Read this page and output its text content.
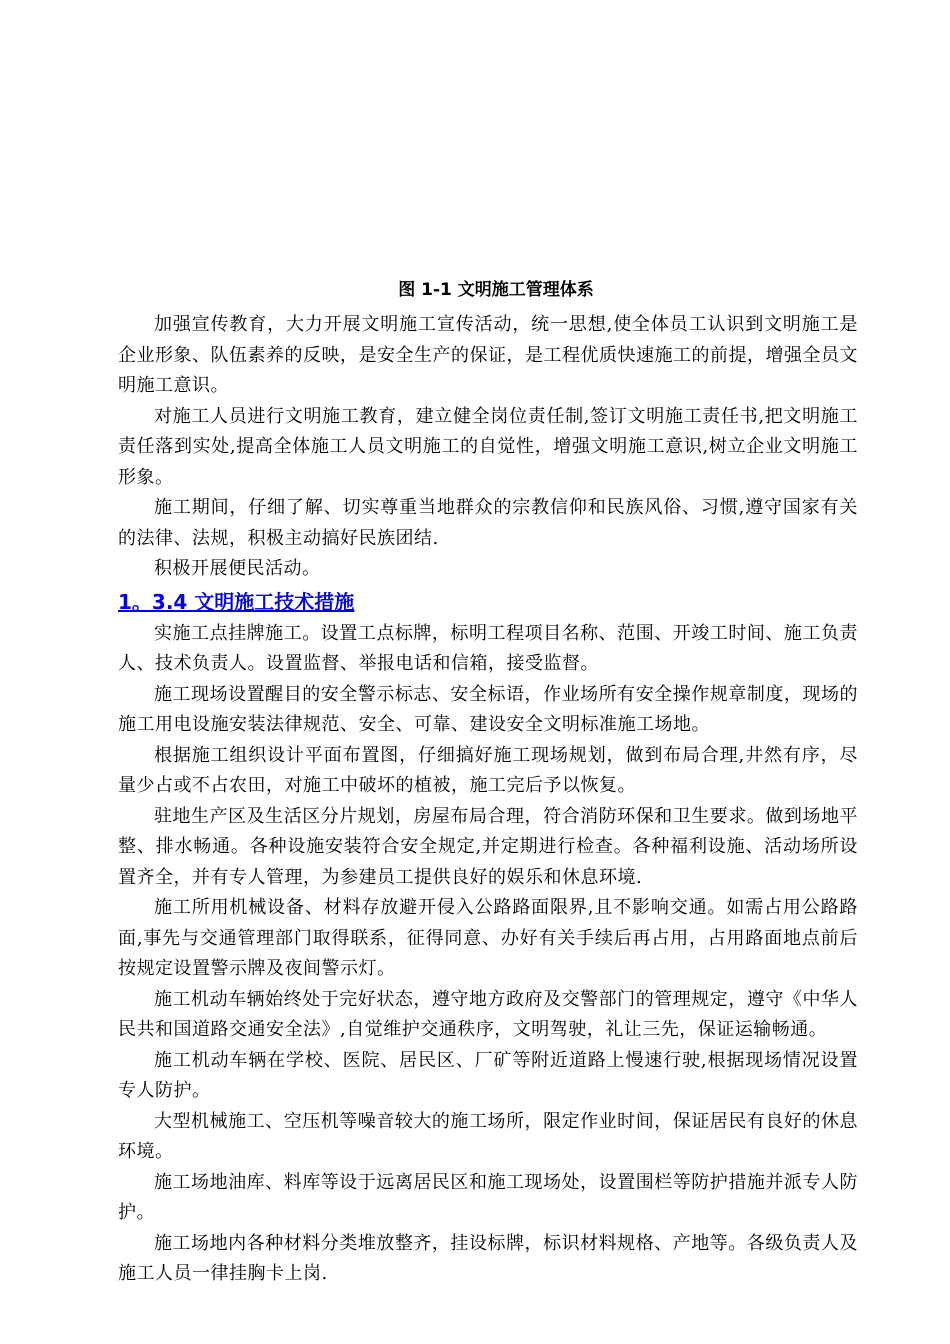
图 1-1 文明施工管理体系

加强宣传教育，大力开展文明施工宣传活动，统一思想,使全体员工认识到文明施工是企业形象、队伍素养的反映，是安全生产的保证，是工程优质快速施工的前提，增强全员文明施工意识。

对施工人员进行文明施工教育，建立健全岗位责任制,签订文明施工责任书,把文明施工责任落到实处,提高全体施工人员文明施工的自觉性，增强文明施工意识,树立企业文明施工形象。

施工期间，仔细了解、切实尊重当地群众的宗教信仰和民族风俗、习惯,遵守国家有关的法律、法规，积极主动搞好民族团结.

积极开展便民活动。

1。3.4 文明施工技术措施

实施工点挂牌施工。设置工点标牌，标明工程项目名称、范围、开竣工时间、施工负责人、技术负责人。设置监督、举报电话和信箱，接受监督。

施工现场设置醒目的安全警示标志、安全标语，作业场所有安全操作规章制度，现场的施工用电设施安装法律规范、安全、可靠、建设安全文明标准施工场地。

根据施工组织设计平面布置图，仔细搞好施工现场规划，做到布局合理,井然有序，尽量少占或不占农田，对施工中破坏的植被，施工完后予以恢复。

驻地生产区及生活区分片规划，房屋布局合理，符合消防环保和卫生要求。做到场地平整、排水畅通。各种设施安装符合安全规定,并定期进行检查。各种福利设施、活动场所设置齐全，并有专人管理，为参建员工提供良好的娱乐和休息环境.

施工所用机械设备、材料存放避开侵入公路路面限界,且不影响交通。如需占用公路路面,事先与交通管理部门取得联系，征得同意、办好有关手续后再占用，占用路面地点前后按规定设置警示牌及夜间警示灯。

施工机动车辆始终处于完好状态，遵守地方政府及交警部门的管理规定，遵守《中华人民共和国道路交通安全法》,自觉维护交通秩序，文明驾驶，礼让三先，保证运输畅通。

施工机动车辆在学校、医院、居民区、厂矿等附近道路上慢速行驶,根据现场情况设置专人防护。

大型机械施工、空压机等噪音较大的施工场所，限定作业时间，保证居民有良好的休息环境。

施工场地油库、料库等设于远离居民区和施工现场处，设置围栏等防护措施并派专人防护。

施工场地内各种材料分类堆放整齐，挂设标牌，标识材料规格、产地等。各级负责人及施工人员一律挂胸卡上岗.
